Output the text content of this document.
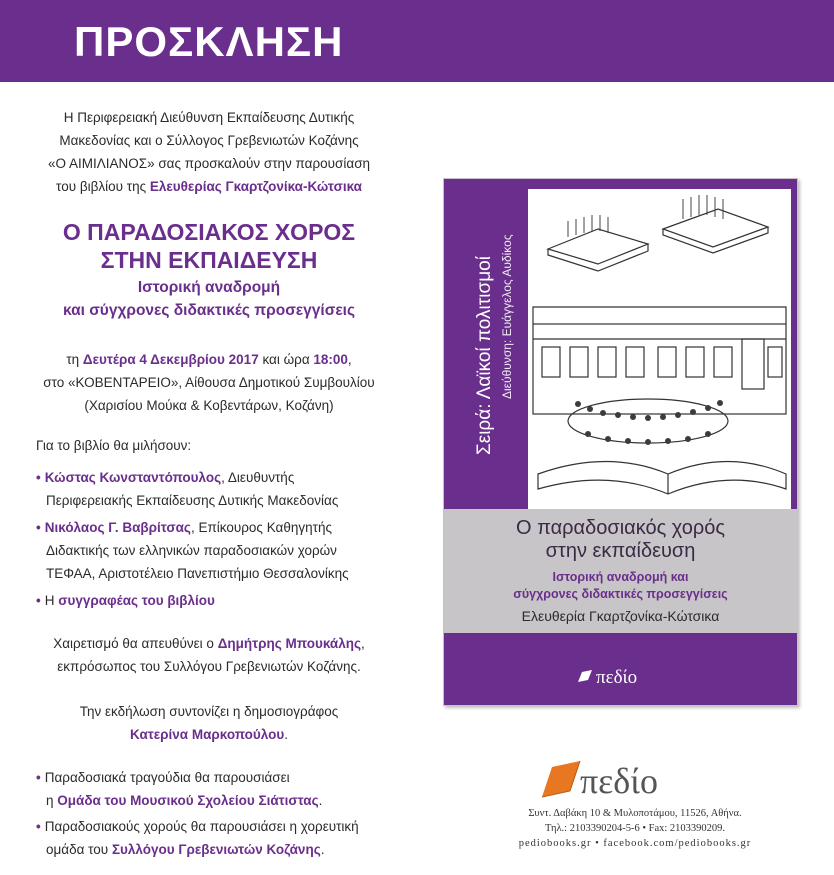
ΠΡΟΣΚΛΗΣΗ
Η Περιφερειακή Διεύθυνση Εκπαίδευσης Δυτικής
Μακεδονίας και ο Σύλλογος Γρεβενιωτών Κοζάνης
«Ο ΑΙΜΙΛΙΑΝΟΣ» σας προσκαλούν στην παρουσίαση
του βιβλίου της Ελευθερίας Γκαρτζονίκα-Κώτσικα
Ο ΠΑΡΑΔΟΣΙΑΚΟΣ ΧΟΡΟΣ
ΣΤΗΝ ΕΚΠΑΙΔΕΥΣΗ
Ιστορική αναδρομή
και σύγχρονες διδακτικές προσεγγίσεις
τη Δευτέρα 4 Δεκεμβρίου 2017 και ώρα 18:00,
στο «ΚΟΒΕΝΤΑΡΕΙΟ», Αίθουσα Δημοτικού Συμβουλίου
(Χαρισίου Μούκα & Κοβεντάρων, Κοζάνη)
Για το βιβλίο θα μιλήσουν:
• Κώστας Κωνσταντόπουλος, Διευθυντής
Περιφερειακής Εκπαίδευσης Δυτικής Μακεδονίας
• Νικόλαος Γ. Βαβρίτσας, Επίκουρος Καθηγητής
Διδακτικής των ελληνικών παραδοσιακών χορών
ΤΕΦΑΑ, Αριστοτέλειο Πανεπιστήμιο Θεσσαλονίκης
• Η συγγραφέας του βιβλίου
Χαιρετισμό θα απευθύνει ο Δημήτρης Μπουκάλης,
εκπρόσωπος του Συλλόγου Γρεβενιωτών Κοζάνης.
Την εκδήλωση συντονίζει η δημοσιογράφος
Κατερίνα Μαρκοπούλου.
• Παραδοσιακά τραγούδια θα παρουσιάσει
η Ομάδα του Μουσικού Σχολείου Σιάτιστας.
• Παραδοσιακούς χορούς θα παρουσιάσει η χορευτική
ομάδα του Συλλόγου Γρεβενιωτών Κοζάνης.
Σειρά: Λαϊκοί πολιτισμοί Διεύθυνση: Ευάγγελος Αυδίκος
Ο παραδοσιακός χορός
στην εκπαίδευση
Ιστορική αναδρομή και
σύγχρονες διδακτικές προσεγγίσεις
Ελευθερία Γκαρτζονίκα-Κώτσικα
πεδίο
πεδίο
Συντ. Δαβάκη 10 & Μυλοποτάμου, 11526, Αθήνα.
Τηλ.: 2103390204-5-6 • Fax: 2103390209.
pediobooks.gr • facebook.com/pediobooks.gr
